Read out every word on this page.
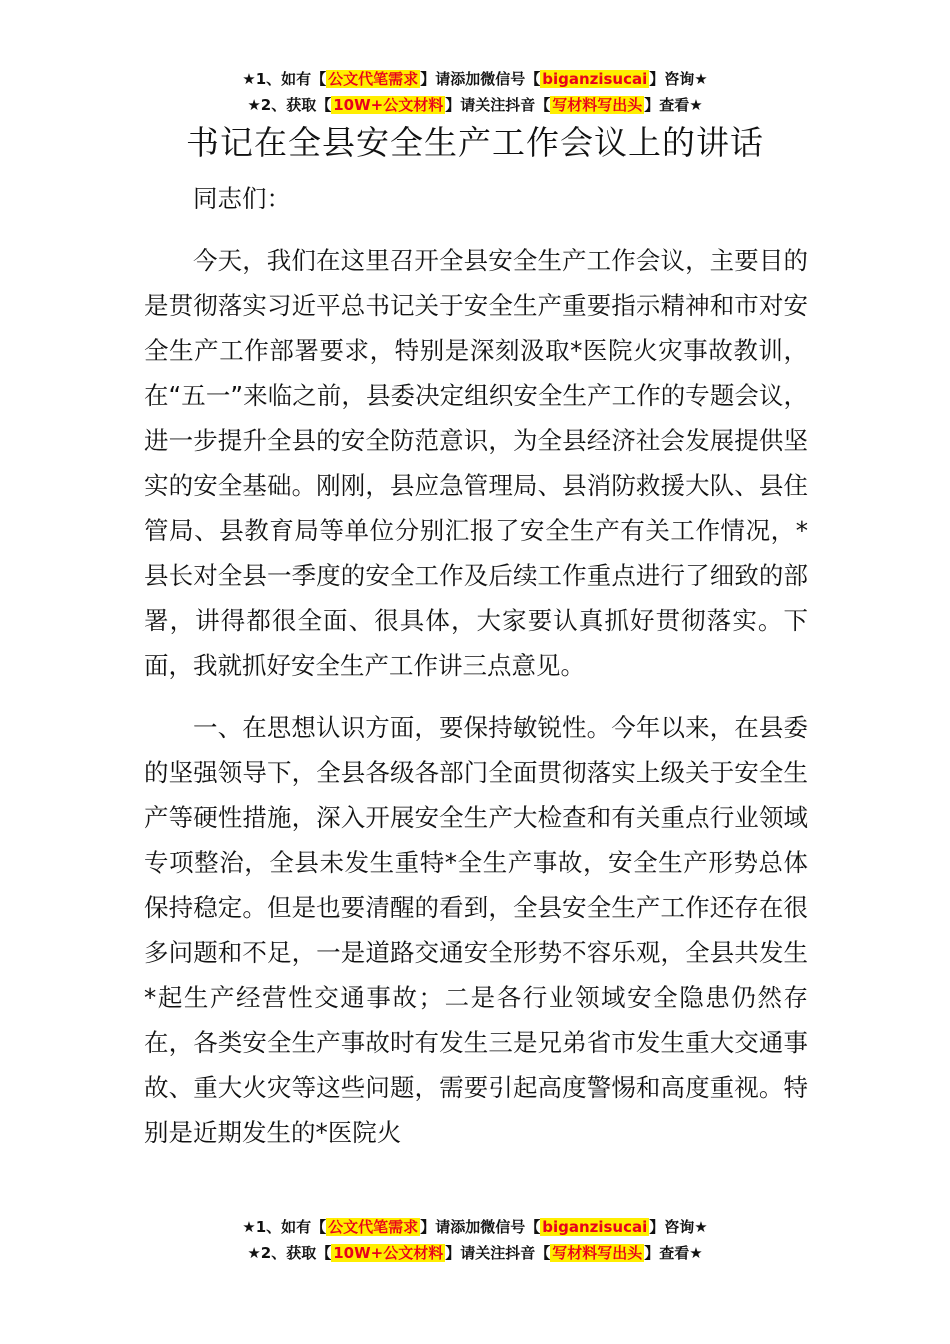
★1、如有【 公文代笔需求 】请添加微信号【 biganzisucai 】咨询★
★2、获取【 10W+公文材料 】请关注抖音【 写材料写出头 】查看★
书记在全县安全生产工作会议上的讲话

同志们：

今天，我们在这里召开全县安全生产工作会议，主要目的是贯彻落实习近平总书记关于安全生产重要指示精神和市对安全生产工作部署要求，特别是深刻汲取*医院火灾事故教训，在“五一”来临之前，县委决定组织安全生产工作的专题会议，进一步提升全县的安全防范意识，为全县经济社会发展提供坚实的安全基础。刚刚，县应急管理局、县消防救援大队、县住管局、县教育局等单位分别汇报了安全生产有关工作情况，*县长对全县一季度的安全工作及后续工作重点进行了细致的部署，讲得都很全面、很具体，大家要认真抓好贯彻落实。下面，我就抓好安全生产工作讲三点意见。

一、在思想认识方面，要保持敏锐性。今年以来，在县委的坚强领导下，全县各级各部门全面贯彻落实上级关于安全生产等硬性措施，深入开展安全生产大检查和有关重点行业领域专项整治，全县未发生重特*全生产事故，安全生产形势总体保持稳定。但是也要清醒的看到，全县安全生产工作还存在很多问题和不足，一是道路交通安全形势不容乐观，全县共发生*起生产经营性交通事故；二是各行业领域安全隐患仍然存在，各类安全生产事故时有发生三是兄弟省市发生重大交通事故、重大火灾等这些问题，需要引起高度警惕和高度重视。特别是近期发生的*医院火

★1、如有【 公文代笔需求 】请添加微信号【 biganzisucai 】咨询★
★2、获取【 10W+公文材料 】请关注抖音【 写材料写出头 】查看★
